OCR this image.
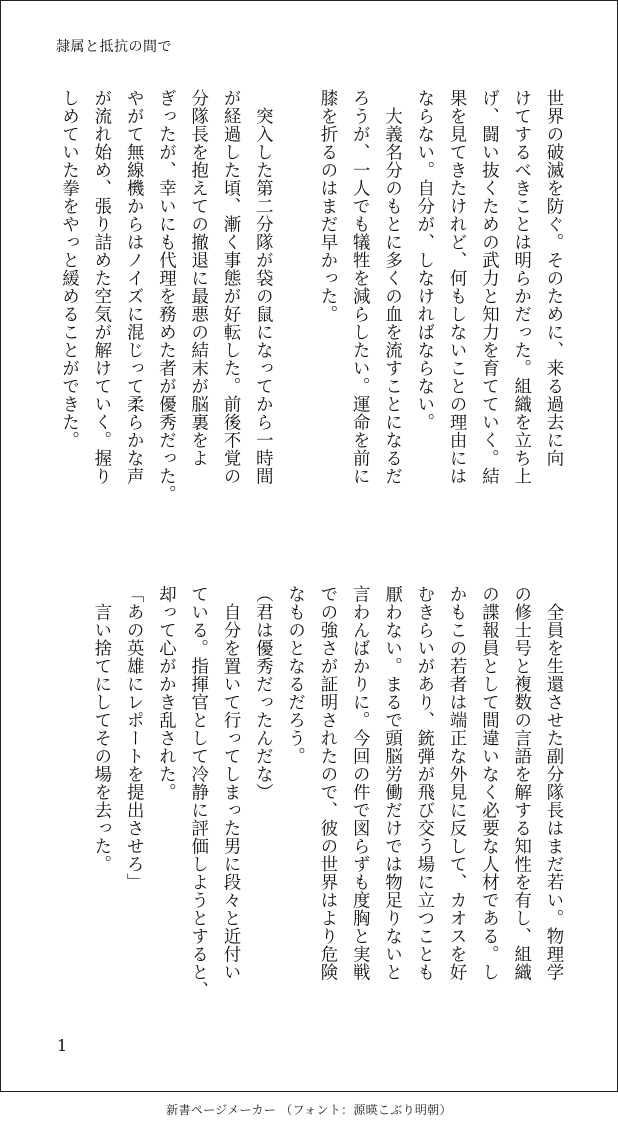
隷属と抵抗の間で

世界の破滅を防ぐ。そのために、来る過去に向

けてするべきことは明らかだった。組織を立ち上

げ、闘い抜くための武力と知力を育てていく。結

果を見てきたけれど、何もしないことの理由には

ならない。自分が、しなければならない。

　大義名分のもとに多くの血を流すことになるだ

ろうが、一人でも犠牲を減らしたい。運命を前に

膝を折るのはまだ早かった。

　突入した第二分隊が袋の鼠になってから一時間

が経過した頃、漸く事態が好転した。前後不覚の

分隊長を抱えての撤退に最悪の結末が脳裏をよ

ぎったが、幸いにも代理を務めた者が優秀だった。

やがて無線機からはノイズに混じって柔らかな声

が流れ始め、張り詰めた空気が解けていく。握り

しめていた拳をやっと緩めることができた。

　全員を生還させた副分隊長はまだ若い。物理学

の修士号と複数の言語を解する知性を有し、組織

の諜報員として間違いなく必要な人材である。し

かもこの若者は端正な外見に反して、カオスを好

むきらいがあり、銃弾が飛び交う場に立つことも

厭わない。まるで頭脳労働だけでは物足りないと

言わんばかりに。今回の件で図らずも度胸と実戦

での強さが証明されたので、彼の世界はより危険

なものとなるだろう。

（君は優秀だったんだな）

　自分を置いて行ってしまった男に段々と近付い

ている。指揮官として冷静に評価しようとすると、

却って心がかき乱された。

「あの英雄にレポートを提出させろ」

　言い捨てにしてその場を去った。

1
新書ページメーカー （フォント：源暎こぶり明朝）
